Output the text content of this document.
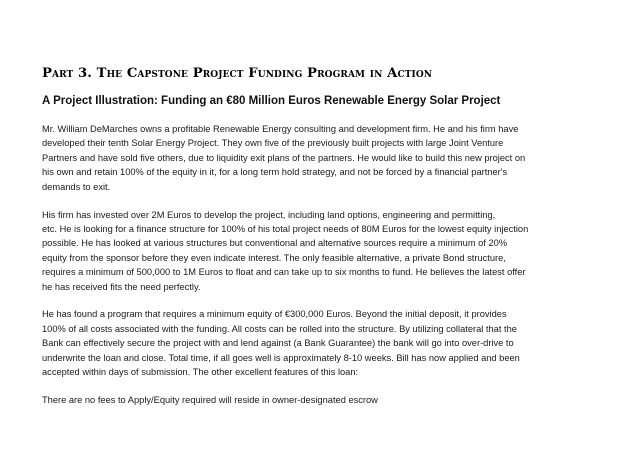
Part 3. The Capstone Project Funding Program in Action
A Project Illustration: Funding an €80 Million Euros Renewable Energy Solar Project
Mr. William DeMarches owns a profitable Renewable Energy consulting and development firm. He and his firm have
developed their tenth Solar Energy Project. They own five of the previously built projects with large Joint Venture
Partners and have sold five others, due to liquidity exit plans of the partners. He would like to build this new project on
his own and retain 100% of the equity in it, for a long term hold strategy, and not be forced by a financial partner's
demands to exit.
His firm has invested over 2M Euros to develop the project, including land options, engineering and permitting,
etc. He is looking for a finance structure for 100% of his total project needs of 80M Euros for the lowest equity injection
possible. He has looked at various structures but conventional and alternative sources require a minimum of 20%
equity from the sponsor before they even indicate interest. The only feasible alternative, a private Bond structure,
requires a minimum of 500,000 to 1M Euros to float and can take up to six months to fund. He believes the latest offer
he has received fits the need perfectly.
He has found a program that requires a minimum equity of €300,000 Euros. Beyond the initial deposit, it provides
100% of all costs associated with the funding. All costs can be rolled into the structure. By utilizing collateral that the
Bank can effectively secure the project with and lend against (a Bank Guarantee) the bank will go into over-drive to
underwrite the loan and close. Total time, if all goes well is approximately 8-10 weeks. Bill has now applied and been
accepted within days of submission. The other excellent features of this loan:
There are no fees to Apply/Equity required will reside in owner-designated escrow
